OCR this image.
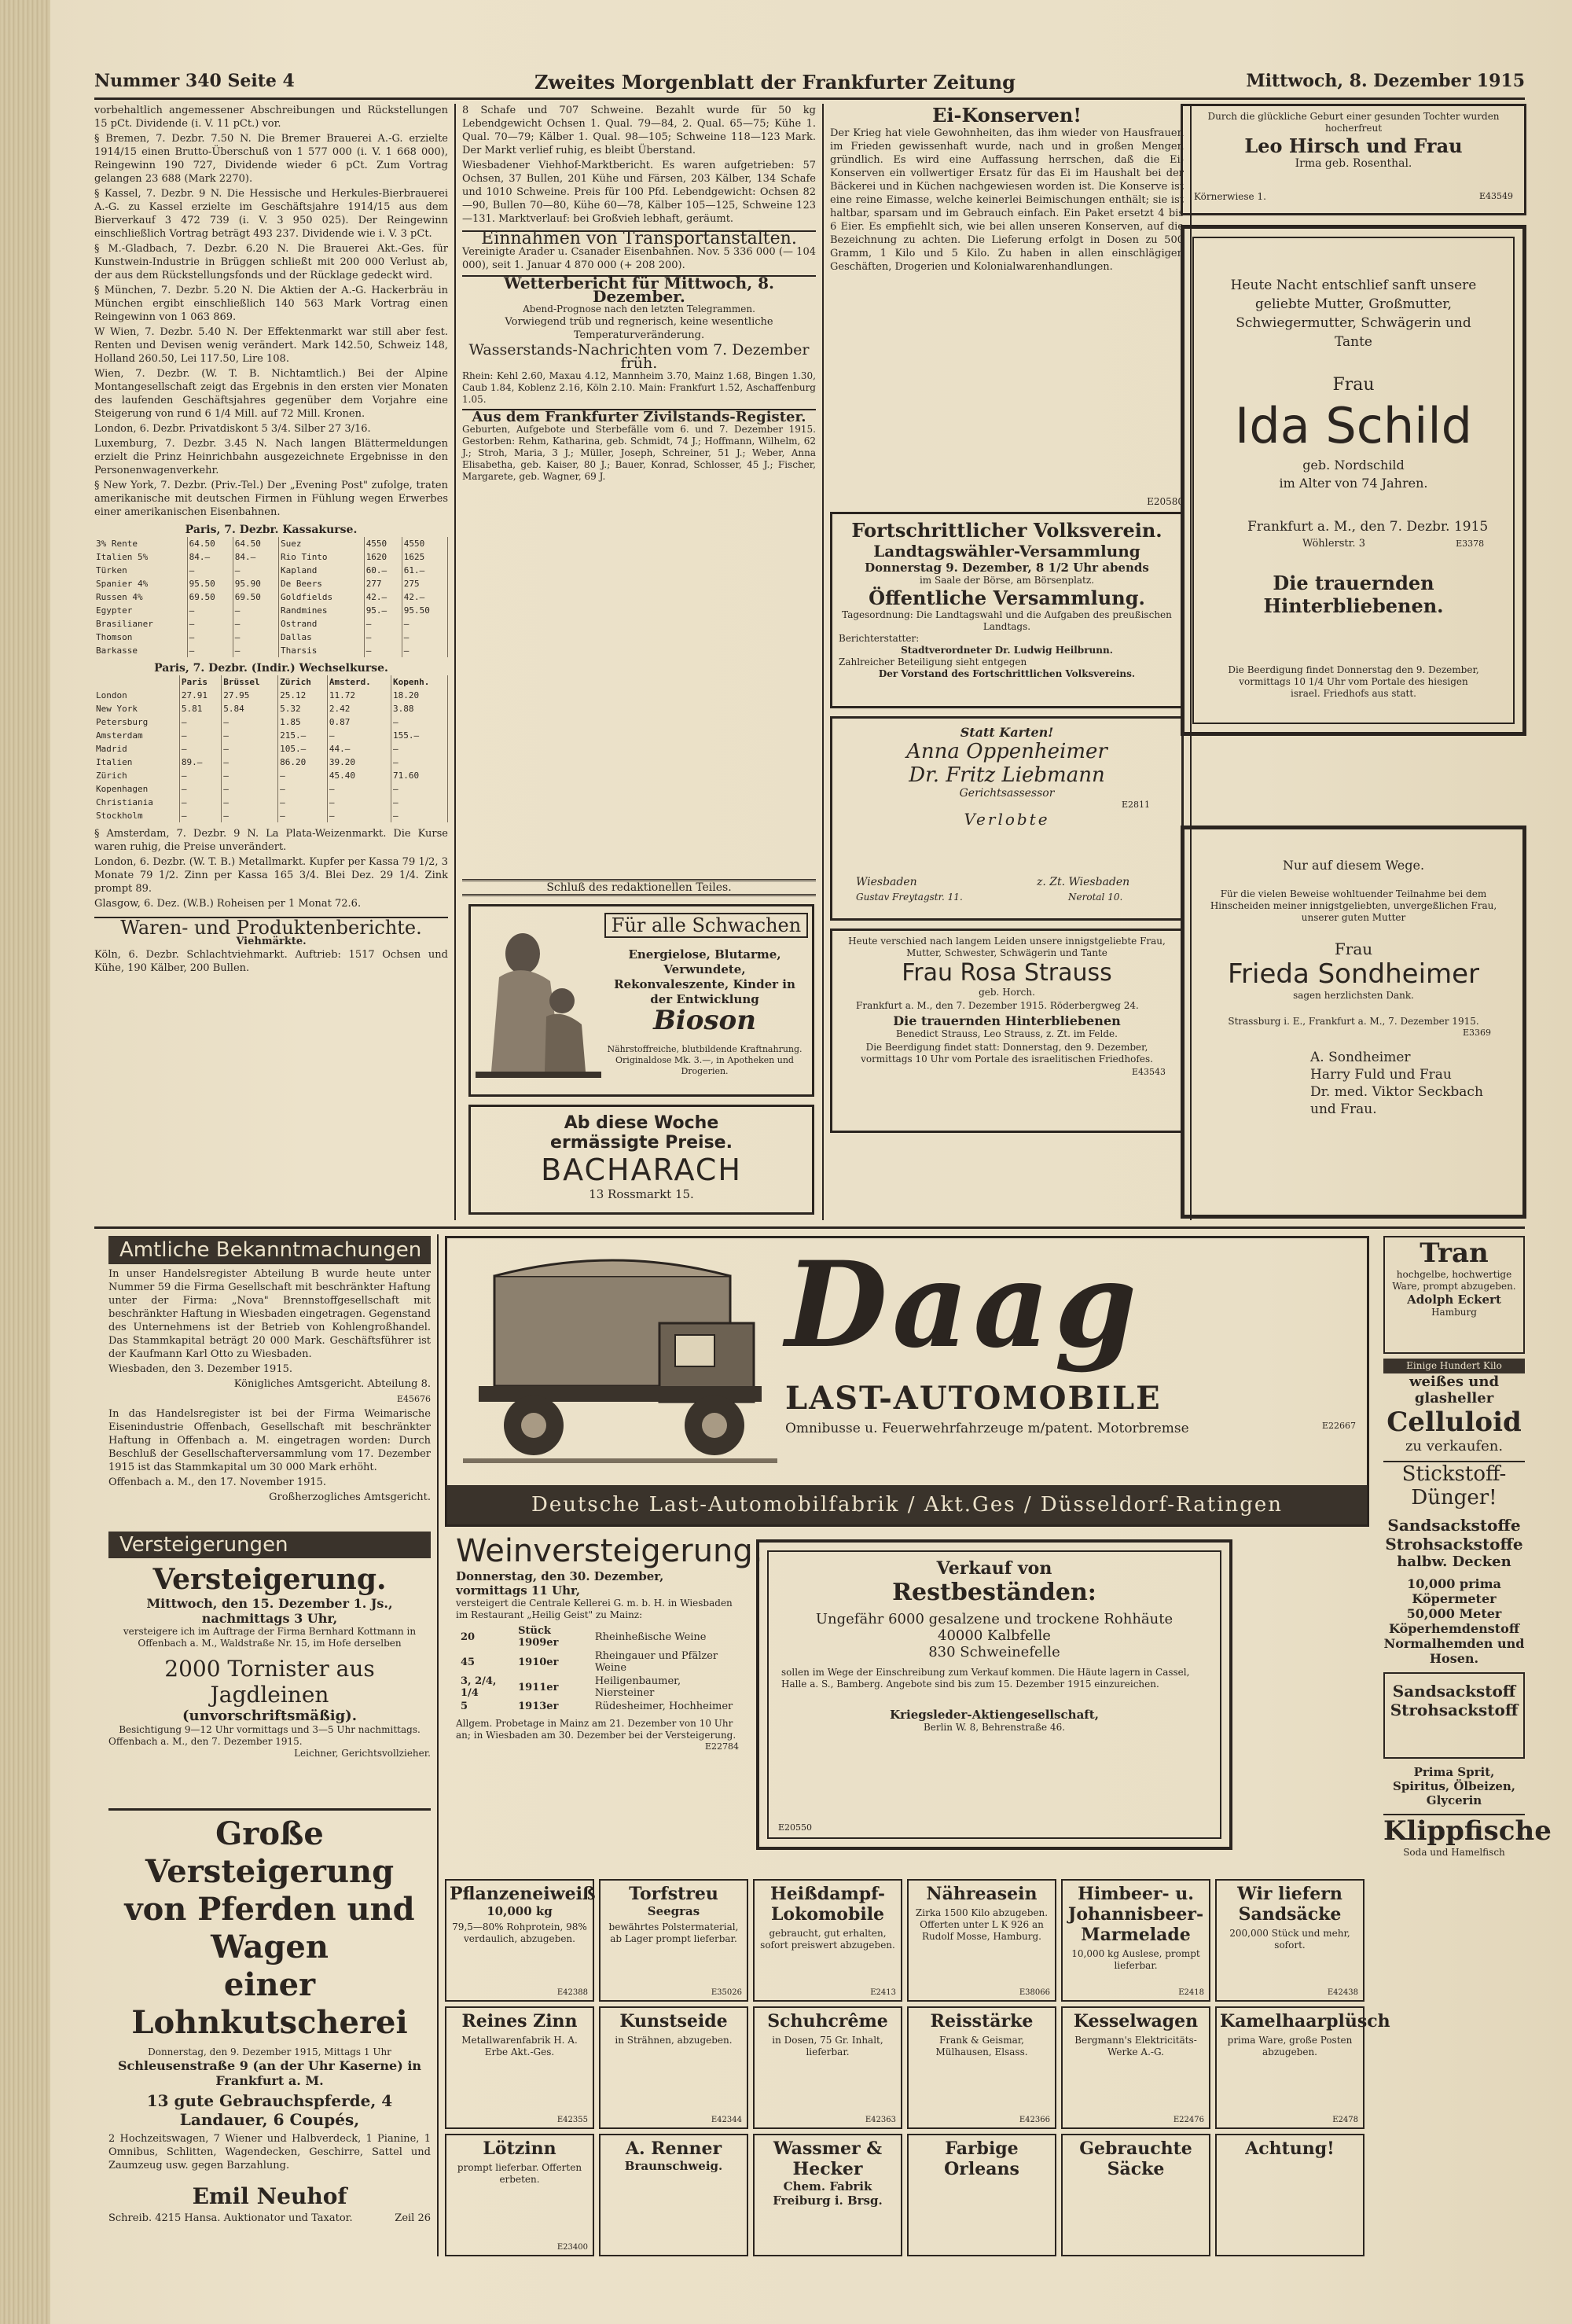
Nummer 340 Seite 4	Zweites Morgenblatt der Frankfurter Zeitung	Mittwoch, 8. Dezember 1915

vorbehaltlich angemessener Abschreibungen und Rückstellungen 15 pCt. Dividende (i. V. 11 pCt.) vor.

§ Bremen, 7. Dezbr. 7.50 N. Die Bremer Brauerei A.-G. erzielte 1914/15 einen Brutto-Überschuß von 1 577 000 (i. V. 1 668 000), Reingewinn 190 727, Dividende wieder 6 pCt. Zum Vortrag gelangen 23 688 (Mark 2270).

§ Kassel, 7. Dezbr. 9 N. Die Hessische und Herkules-Bierbrauerei A.-G. zu Kassel erzielte im Geschäftsjahre 1914/15 aus dem Bierverkauf 3 472 739 (i. V. 3 950 025). Der Reingewinn einschließlich Vortrag beträgt 493 237. Dividende wie i. V. 3 pCt.

§ M.-Gladbach, 7. Dezbr. 6.20 N. Die Brauerei Akt.-Ges. für Kunstwein-Industrie in Brüggen schließt mit 200 000 Verlust ab, der aus dem Rückstellungsfonds und der Rücklage gedeckt wird.

§ München, 7. Dezbr. 5.20 N. Die Aktien der A.-G. Hackerbräu in München ergibt einschließlich 140 563 Mark Vortrag einen Reingewinn von 1 063 869.

W Wien, 7. Dezbr. 5.40 N. Der Effektenmarkt war still aber fest. Renten und Devisen wenig verändert. Mark 142.50, Schweiz 148, Holland 260.50, Lei 117.50, Lire 108.

Wien, 7. Dezbr. (W. T. B. Nichtamtlich.) Bei der Alpine Montangesellschaft zeigt das Ergebnis in den ersten vier Monaten des laufenden Geschäftsjahres gegenüber dem Vorjahre eine Steigerung von rund 6 1/4 Mill. auf 72 Mill. Kronen.

London, 6. Dezbr. Privatdiskont 5 3/4. Silber 27 3/16.

Luxemburg, 7. Dezbr. 3.45 N. Nach langen Blättermeldungen erzielt die Prinz Heinrichbahn ausgezeichnete Ergebnisse in den Personenwagenverkehr.

§ New York, 7. Dezbr. (Priv.-Tel.) Der „Evening Post" zufolge, traten amerikanische mit deutschen Firmen in Fühlung wegen Erwerbes einer amerikanischen Eisenbahnen.

Paris, 7. Dezbr. Kassakurse.
3% Rente	64.50	64.50	Suez	4550	4550
Italien 5%	84.—	84.—	Rio Tinto	1620	1625
Türken	—	—	Kapland	60.—	61.—
Spanier 4%	95.50	95.90	De Beers	277	275
Russen 4%	69.50	69.50	Goldfields	42.—	42.—
Egypter	—	—	Randmines	95.—	95.50
Brasilianer	—	—	Ostrand	—	—
Thomson	—	—	Dallas	—	—
Barkasse	—	—	Tharsis	—	—
Paris, 7. Dezbr. (Indir.) Wechselkurse.
	Paris	Brüssel	Zürich	Amsterd.	Kopenh.
London	27.91	27.95	25.12	11.72	18.20
New York	5.81	5.84	5.32	2.42	3.88
Petersburg	—	—	1.85	0.87	—
Amsterdam	—	—	215.—	—	155.—
Madrid	—	—	105.—	44.—	—
Italien	89.—	—	86.20	39.20	—
Zürich	—	—	—	45.40	71.60
Kopenhagen	—	—	—	—	—
Christiania	—	—	—	—	—
Stockholm	—	—	—	—	—

§ Amsterdam, 7. Dezbr. 9 N. La Plata-Weizenmarkt. Die Kurse waren ruhig, die Preise unverändert.

London, 6. Dezbr. (W. T. B.) Metallmarkt. Kupfer per Kassa 79 1/2, 3 Monate 79 1/2. Zinn per Kassa 165 3/4. Blei Dez. 29 1/4. Zink prompt 89.

Glasgow, 6. Dez. (W.B.) Roheisen per 1 Monat 72.6.

Waren- und Produktenberichte.
Viehmärkte.

Köln, 6. Dezbr. Schlachtviehmarkt. Auftrieb: 1517 Ochsen und Kühe, 190 Kälber, 200 Bullen.

8 Schafe und 707 Schweine. Bezahlt wurde für 50 kg Lebendgewicht Ochsen 1. Qual. 79—84, 2. Qual. 65—75; Kühe 1. Qual. 70—79; Kälber 1. Qual. 98—105; Schweine 118—123 Mark. Der Markt verlief ruhig, es bleibt Überstand.

Wiesbadener Viehhof-Marktbericht. Es waren aufgetrieben: 57 Ochsen, 37 Bullen, 201 Kühe und Färsen, 203 Kälber, 134 Schafe und 1010 Schweine. Preis für 100 Pfd. Lebendgewicht: Ochsen 82—90, Bullen 70—80, Kühe 60—78, Kälber 105—125, Schweine 123—131. Marktverlauf: bei Großvieh lebhaft, geräumt.

Einnahmen von Transportanstalten.

Vereinigte Arader u. Csanader Eisenbahnen. Nov. 5 336 000 (— 104 000), seit 1. Januar 4 870 000 (+ 208 200).

Wetterbericht für Mittwoch, 8. Dezember.
Abend-Prognose nach den letzten Telegrammen.

Vorwiegend trüb und regnerisch, keine wesentliche Temperaturveränderung.

Wasserstands-Nachrichten vom 7. Dezember früh.

Rhein: Kehl 2.60, Maxau 4.12, Mannheim 3.70, Mainz 1.68, Bingen 1.30, Caub 1.84, Koblenz 2.16, Köln 2.10. Main: Frankfurt 1.52, Aschaffenburg 1.05.

Aus dem Frankfurter Zivilstands-Register.

Geburten, Aufgebote und Sterbefälle vom 6. und 7. Dezember 1915. Gestorben: Rehm, Katharina, geb. Schmidt, 74 J.; Hoffmann, Wilhelm, 62 J.; Stroh, Maria, 3 J.; Müller, Joseph, Schreiner, 51 J.; Weber, Anna Elisabetha, geb. Kaiser, 80 J.; Bauer, Konrad, Schlosser, 45 J.; Fischer, Margarete, geb. Wagner, 69 J.

Schluß des redaktionellen Teiles.
Für alle Schwachen
Energielose, Blutarme, Verwundete, Rekonvaleszente, Kinder in der Entwicklung
Bioson
Nährstoffreiche, blutbildende Kraftnahrung. Originaldose Mk. 3.—, in Apotheken und Drogerien.
Ab diese Woche
ermässigte Preise.
BACHARACH
13 Rossmarkt 15.
Ei-Konserven!
Der Krieg hat viele Gewohnheiten, das ihm wieder von Hausfrauen im Frieden gewissenhaft wurde, nach und in großen Mengen gründlich. Es wird eine Auffassung herrschen, daß die Ei-Konserven ein vollwertiger Ersatz für das Ei im Haushalt bei der Bäckerei und in Küchen nachgewiesen worden ist. Die Konserve ist eine reine Eimasse, welche keinerlei Beimischungen enthält; sie ist haltbar, sparsam und im Gebrauch einfach. Ein Paket ersetzt 4 bis 6 Eier. Es empfiehlt sich, wie bei allen unseren Konserven, auf die Bezeichnung zu achten. Die Lieferung erfolgt in Dosen zu 500 Gramm, 1 Kilo und 5 Kilo. Zu haben in allen einschlägigen Geschäften, Drogerien und Kolonialwarenhandlungen.
E20580
Fortschrittlicher Volksverein.
Landtagswähler-Versammlung
Donnerstag 9. Dezember, 8 1/2 Uhr abends
im Saale der Börse, am Börsenplatz.
Öffentliche Versammlung.
Tagesordnung: Die Landtagswahl und die Aufgaben des preußischen Landtags.
Berichterstatter:
Stadtverordneter Dr. Ludwig Heilbrunn.
Zahlreicher Beteiligung sieht entgegen
Der Vorstand des Fortschrittlichen Volksvereins.
Statt Karten!
Anna Oppenheimer
Dr. Fritz Liebmann
Gerichtsassessor
E2811
Verlobte
Wiesbaden
Gustav Freytagstr. 11.
z. Zt. Wiesbaden
Nerotal 10.
Heute verschied nach langem Leiden unsere innigstgeliebte Frau, Mutter, Schwester, Schwägerin und Tante
Frau Rosa Strauss
geb. Horch.
Frankfurt a. M., den 7. Dezember 1915. Röderbergweg 24.
Die trauernden Hinterbliebenen
Benedict Strauss, Leo Strauss, z. Zt. im Felde.
Die Beerdigung findet statt: Donnerstag, den 9. Dezember, vormittags 10 Uhr vom Portale des israelitischen Friedhofes.
E43543
Durch die glückliche Geburt einer gesunden Tochter wurden hocherfreut
Leo Hirsch und Frau
Irma geb. Rosenthal.
Körnerwiese 1.	E43549
Heute Nacht entschlief sanft unsere geliebte Mutter, Großmutter, Schwiegermutter, Schwägerin und Tante
Frau
Ida Schild
geb. Nordschild
im Alter von 74 Jahren.
Frankfurt a. M., den 7. Dezbr. 1915
Wöhlerstr. 3	E3378
Die trauernden Hinterbliebenen.
Die Beerdigung findet Donnerstag den 9. Dezember, vormittags 10 1/4 Uhr vom Portale des hiesigen israel. Friedhofs aus statt.
Nur auf diesem Wege.
Für die vielen Beweise wohltuender Teilnahme bei dem Hinscheiden meiner innigstgeliebten, unvergeßlichen Frau, unserer guten Mutter
Frau
Frieda Sondheimer
sagen herzlichsten Dank.
Strassburg i. E., Frankfurt a. M., 7. Dezember 1915.
E3369
A. Sondheimer
Harry Fuld und Frau
Dr. med. Viktor Seckbach
und Frau.
Amtliche Bekanntmachungen

In unser Handelsregister Abteilung B wurde heute unter Nummer 59 die Firma Gesellschaft mit beschränkter Haftung unter der Firma: „Nova" Brennstoffgesellschaft mit beschränkter Haftung in Wiesbaden eingetragen. Gegenstand des Unternehmens ist der Betrieb von Kohlengroßhandel. Das Stammkapital beträgt 20 000 Mark. Geschäftsführer ist der Kaufmann Karl Otto zu Wiesbaden.

Wiesbaden, den 3. Dezember 1915.

Königliches Amtsgericht. Abteilung 8.

E45676

In das Handelsregister ist bei der Firma Weimarische Eisenindustrie Offenbach, Gesellschaft mit beschränkter Haftung in Offenbach a. M. eingetragen worden: Durch Beschluß der Gesellschafterversammlung vom 17. Dezember 1915 ist das Stammkapital um 30 000 Mark erhöht.

Offenbach a. M., den 17. November 1915.

Großherzogliches Amtsgericht.

Versteigerungen
Versteigerung.
Mittwoch, den 15. Dezember 1. Js., nachmittags 3 Uhr,
versteigere ich im Auftrage der Firma Bernhard Kottmann in Offenbach a. M., Waldstraße Nr. 15, im Hofe derselben
2000 Tornister aus Jagdleinen
(unvorschriftsmäßig).
Besichtigung 9—12 Uhr vormittags und 3—5 Uhr nachmittags.
Offenbach a. M., den 7. Dezember 1915.
Leichner, Gerichtsvollzieher.
Große Versteigerung
von Pferden und Wagen
einer Lohnkutscherei
Donnerstag, den 9. Dezember 1915, Mittags 1 Uhr
Schleusenstraße 9 (an der Uhr Kaserne) in Frankfurt a. M.
13 gute Gebrauchspferde, 4 Landauer, 6 Coupés,
2 Hochzeitswagen, 7 Wiener und Halbverdeck, 1 Pianine, 1 Omnibus, Schlitten, Wagendecken, Geschirre, Sattel und Zaumzeug usw. gegen Barzahlung.
Emil Neuhof
Schreib. 4215 Hansa. Auktionator und Taxator.	Zeil 26
Daag
LAST-AUTOMOBILE
Omnibusse u. Feuerwehrfahrzeuge m/patent. Motorbremse	E22667
Deutsche Last-Automobilfabrik / Akt.Ges / Düsseldorf-Ratingen
Weinversteigerung.
Donnerstag, den 30. Dezember, vormittags 11 Uhr,
versteigert die Centrale Kellerei G. m. b. H. in Wiesbaden im Restaurant „Heilig Geist" zu Mainz:
20	Stück 1909er	Rheinheßische Weine
45	1910er	Rheingauer und Pfälzer Weine
3, 2/4, 1/4	1911er	Heiligenbaumer, Niersteiner
5	1913er	Rüdesheimer, Hochheimer
Allgem. Probetage in Mainz am 21. Dezember von 10 Uhr an; in Wiesbaden am 30. Dezember bei der Versteigerung.
E22784
Verkauf von
Restbeständen:
Ungefähr 6000 gesalzene und trockene Rohhäute
40000 Kalbfelle
830 Schweinefelle
sollen im Wege der Einschreibung zum Verkauf kommen. Die Häute lagern in Cassel, Halle a. S., Bamberg. Angebote sind bis zum 15. Dezember 1915 einzureichen.
Kriegsleder-Aktiengesellschaft,
Berlin W. 8, Behrenstraße 46.
E20550
Tran
hochgelbe, hochwertige Ware, prompt abzugeben.
Adolph Eckert
Hamburg
Einige Hundert Kilo
weißes und glasheller
Celluloid
zu verkaufen.
Stickstoff-Dünger!
Sandsackstoffe
Strohsackstoffe
halbw. Decken
10,000 prima Köpermeter
50,000 Meter Köperhemdenstoff
Normalhemden und Hosen.
Sandsackstoff Strohsackstoff
Prima Sprit, Spiritus, Ölbeizen, Glycerin
Klippfische
Soda und Hamelfisch
Pflanzeneiweiß
10,000 kg
79,5—80% Rohprotein, 98% verdaulich, abzugeben.
E42388
Torfstreu
Seegras
bewährtes Polstermaterial, ab Lager prompt lieferbar.
E35026
Heißdampf-Lokomobile
gebraucht, gut erhalten, sofort preiswert abzugeben.
E2413
Nähreasein
Zirka 1500 Kilo abzugeben. Offerten unter L K 926 an Rudolf Mosse, Hamburg.
E38066
Himbeer- u. Johannisbeer-Marmelade
10,000 kg Auslese, prompt lieferbar.
E2418
Wir liefern Sandsäcke
200,000 Stück und mehr, sofort.
E42438
Reines Zinn
Metallwarenfabrik H. A. Erbe Akt.-Ges.
E42355
Kunstseide
in Strähnen, abzugeben.
E42344
Schuhcrême
in Dosen, 75 Gr. Inhalt, lieferbar.
E42363
Reisstärke
Frank & Geismar, Mülhausen, Elsass.
E42366
Kesselwagen
Bergmann's Elektricitäts-Werke A.-G.
E22476
Kamelhaarplüsch
prima Ware, große Posten abzugeben.
E2478
Lötzinn
prompt lieferbar. Offerten erbeten.
E23400
A. Renner
Braunschweig.
Wassmer & Hecker
Chem. Fabrik Freiburg i. Brsg.
Farbige Orleans
Gebrauchte Säcke
Achtung!
